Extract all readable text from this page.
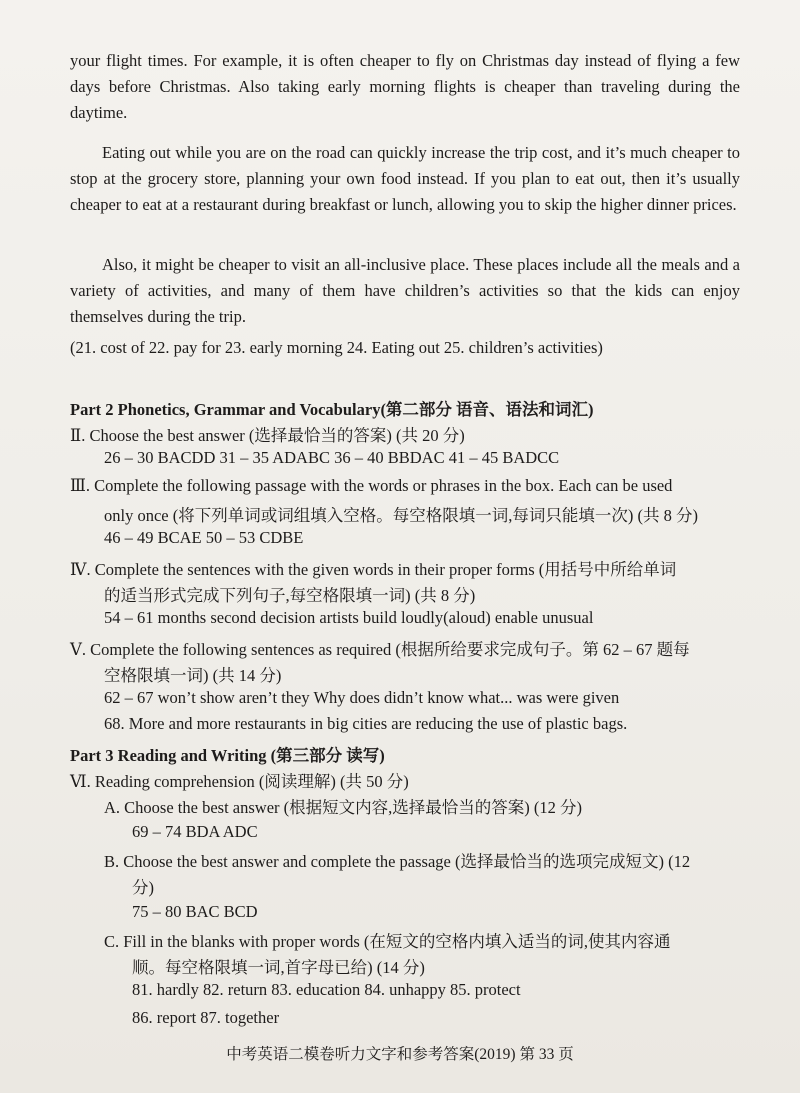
your flight times. For example, it is often cheaper to fly on Christmas day instead of flying a few days before Christmas. Also taking early morning flights is cheaper than traveling during the daytime.
Eating out while you are on the road can quickly increase the trip cost, and it’s much cheaper to stop at the grocery store, planning your own food instead. If you plan to eat out, then it’s usually cheaper to eat at a restaurant during breakfast or lunch, allowing you to skip the higher dinner prices.
Also, it might be cheaper to visit an all-inclusive place. These places include all the meals and a variety of activities, and many of them have children’s activities so that the kids can enjoy themselves during the trip.
(21. cost of 22. pay for 23. early morning 24. Eating out 25. children’s activities)
Part 2 Phonetics, Grammar and Vocabulary(第二部分 语音、语法和词汇)
Ⅱ. Choose the best answer (选择最恰当的答案) (共 20 分)
26 – 30 BACDD 31 – 35 ADABC 36 – 40 BBDAC 41 – 45 BADCC
Ⅲ. Complete the following passage with the words or phrases in the box. Each can be used
only once (将下列单词或词组填入空格。每空格限填一词,每词只能填一次) (共 8 分)
46 – 49 BCAE 50 – 53 CDBE
Ⅳ. Complete the sentences with the given words in their proper forms (用括号中所给单词
的适当形式完成下列句子,每空格限填一词) (共 8 分)
54 – 61 months second decision artists build loudly(aloud) enable unusual
Ⅴ. Complete the following sentences as required (根据所给要求完成句子。第 62 – 67 题每
空格限填一词) (共 14 分)
62 – 67 won’t show aren’t they Why does didn’t know what... was were given
68. More and more restaurants in big cities are reducing the use of plastic bags.
Part 3 Reading and Writing (第三部分 读写)
Ⅵ. Reading comprehension (阅读理解) (共 50 分)
A. Choose the best answer (根据短文内容,选择最恰当的答案) (12 分)
69 – 74 BDA ADC
B. Choose the best answer and complete the passage (选择最恰当的选项完成短文) (12
分)
75 – 80 BAC BCD
C. Fill in the blanks with proper words (在短文的空格内填入适当的词,使其内容通
顺。每空格限填一词,首字母已给) (14 分)
81. hardly 82. return 83. education 84. unhappy 85. protect
86. report 87. together
中考英语二模卷听力文字和参考答案(2019) 第 33 页
